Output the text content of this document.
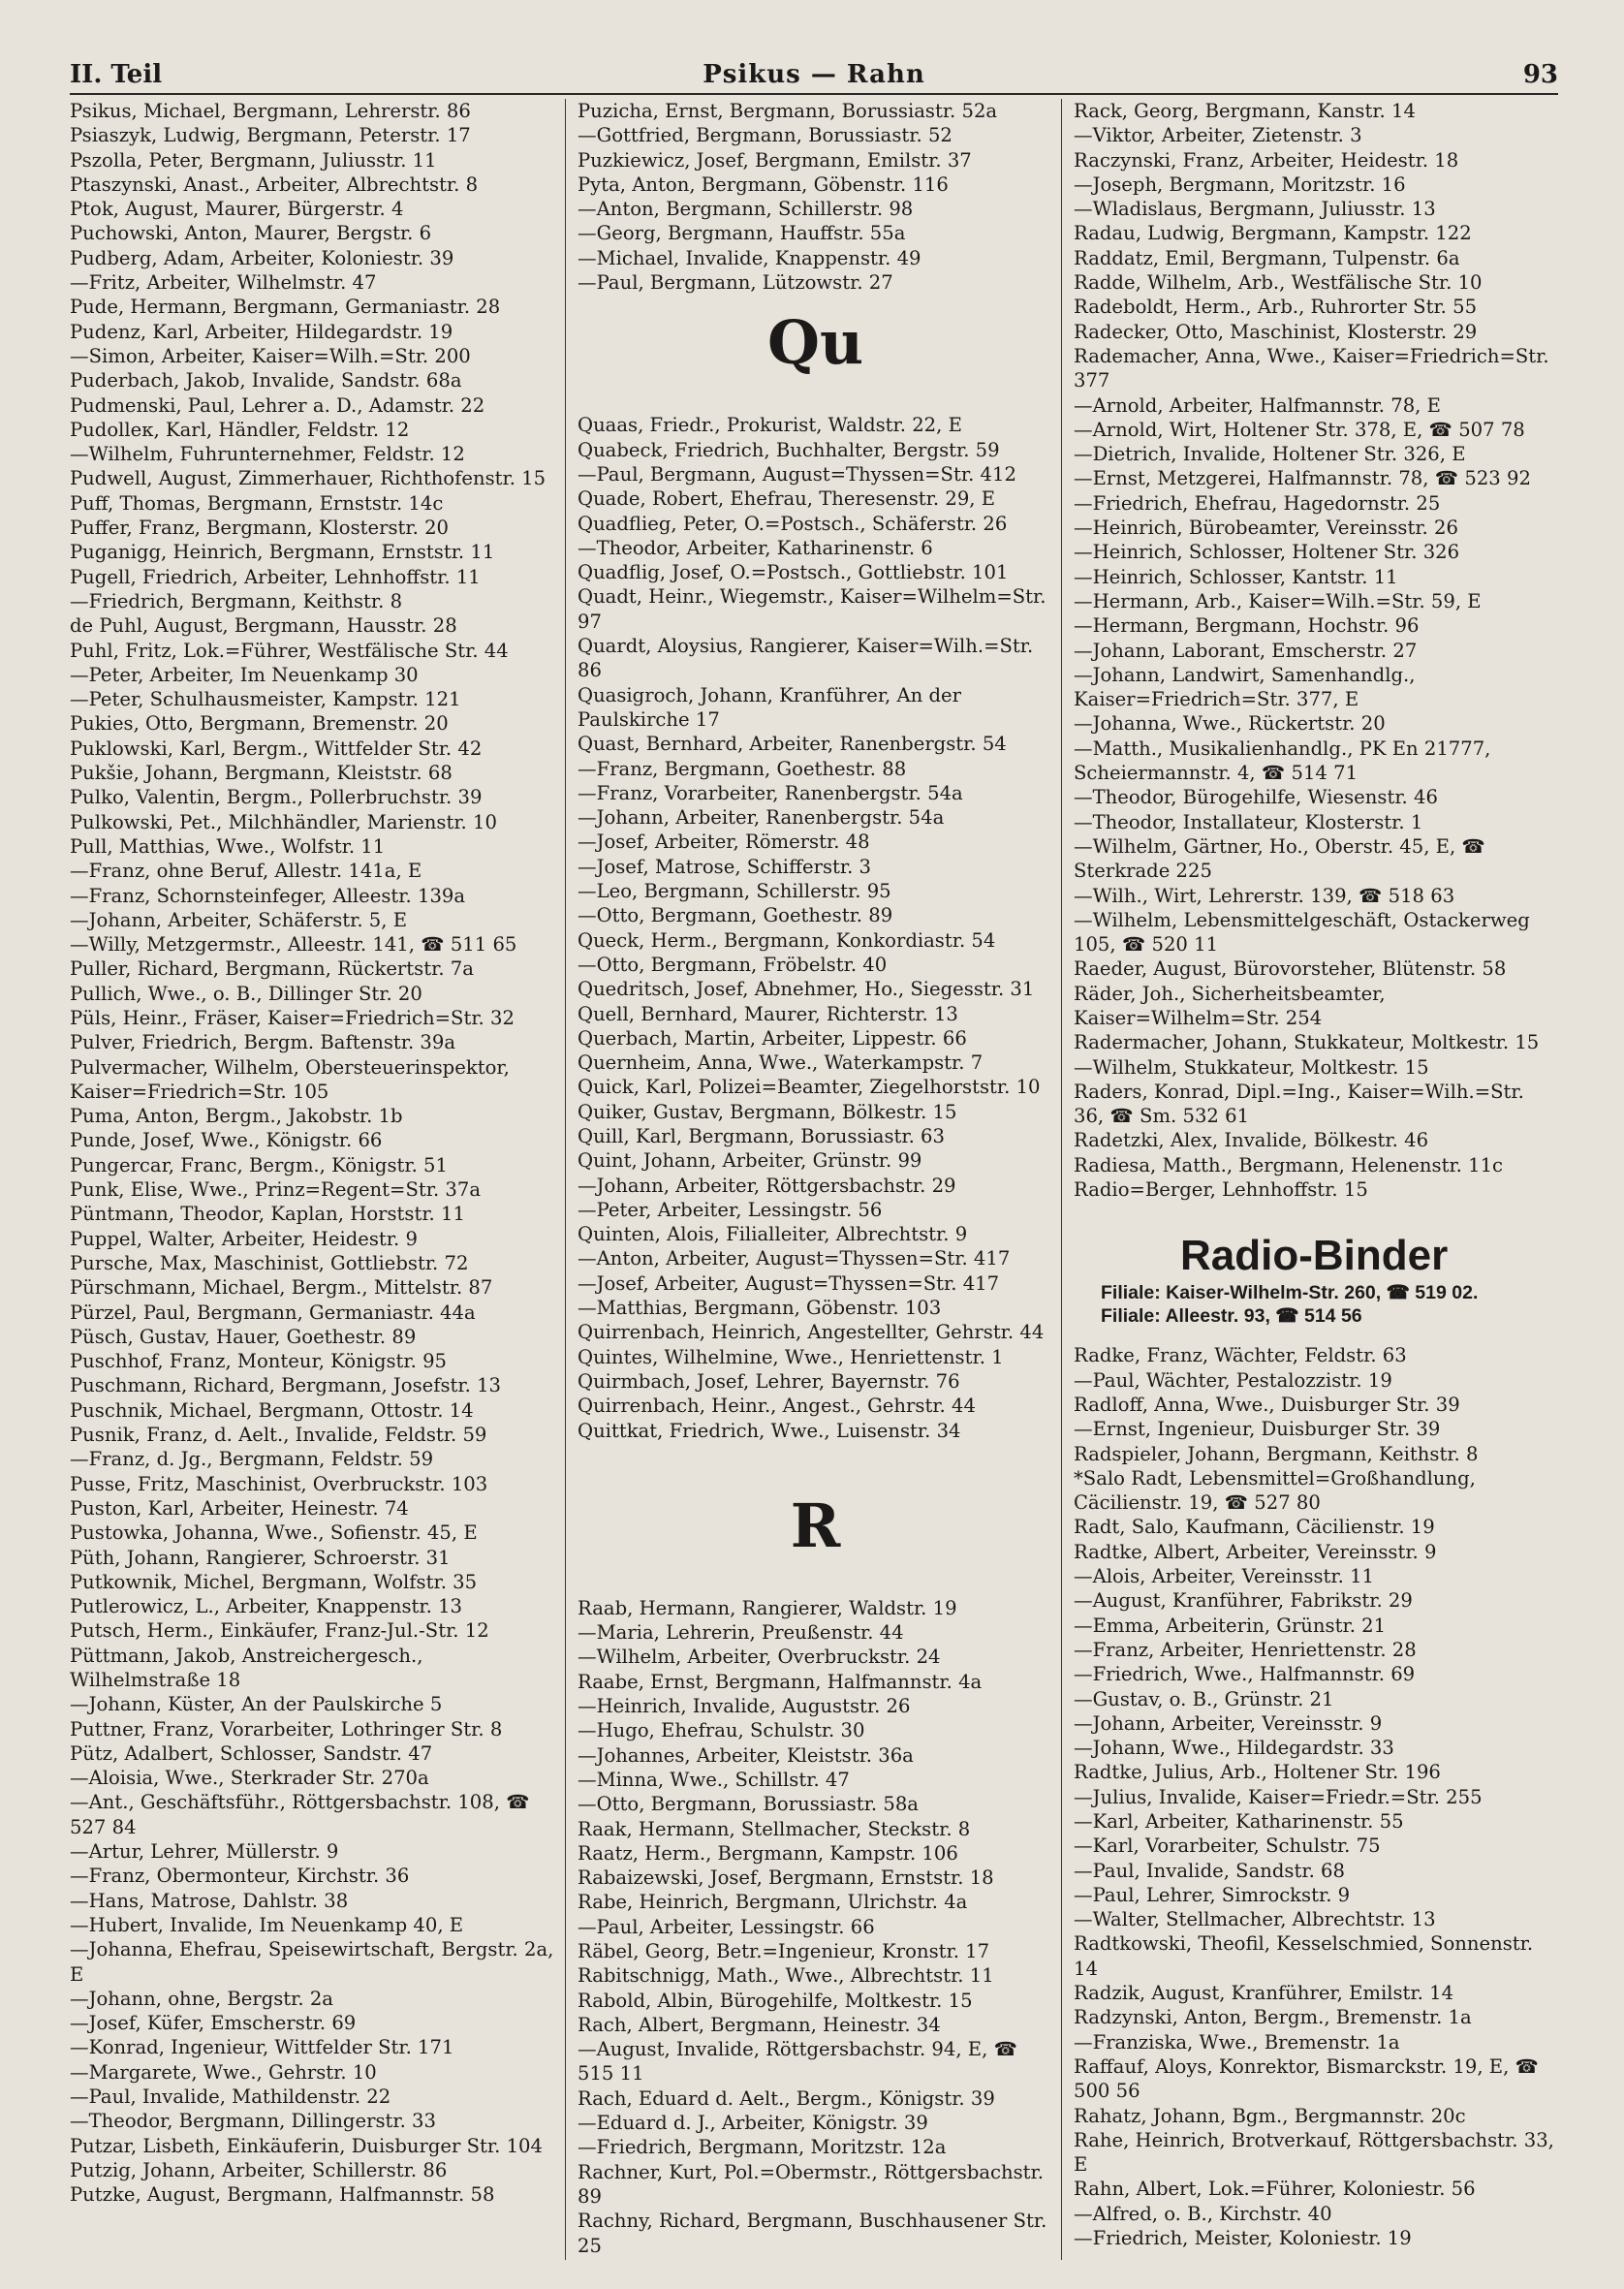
II. Teil	Psikus — Rahn	93

Psikus, Michael, Bergmann, Lehrerstr. 86

Psiaszyk, Ludwig, Bergmann, Peterstr. 17

Pszolla, Peter, Bergmann, Juliusstr. 11

Ptaszynski, Anast., Arbeiter, Albrechtstr. 8

Ptok, August, Maurer, Bürgerstr. 4

Puchowski, Anton, Maurer, Bergstr. 6

Pudberg, Adam, Arbeiter, Koloniestr. 39

—Fritz, Arbeiter, Wilhelmstr. 47

Pude, Hermann, Bergmann, Germaniastr. 28

Pudenz, Karl, Arbeiter, Hildegardstr. 19

—Simon, Arbeiter, Kaiser=Wilh.=Str. 200

Puderbach, Jakob, Invalide, Sandstr. 68a

Pudmenski, Paul, Lehrer a. D., Adamstr. 22

Pudolleк, Karl, Händler, Feldstr. 12

—Wilhelm, Fuhrunternehmer, Feldstr. 12

Pudwell, August, Zimmerhauer, Richthofenstr. 15

Puff, Thomas, Bergmann, Ernststr. 14c

Puffer, Franz, Bergmann, Klosterstr. 20

Puganigg, Heinrich, Bergmann, Ernststr. 11

Pugell, Friedrich, Arbeiter, Lehnhoffstr. 11

—Friedrich, Bergmann, Keithstr. 8

de Puhl, August, Bergmann, Hausstr. 28

Puhl, Fritz, Lok.=Führer, Westfälische Str. 44

—Peter, Arbeiter, Im Neuenkamp 30

—Peter, Schulhausmeister, Kampstr. 121

Pukies, Otto, Bergmann, Bremenstr. 20

Puklowski, Karl, Bergm., Wittfelder Str. 42

Pukšie, Johann, Bergmann, Kleiststr. 68

Pulko, Valentin, Bergm., Pollerbruchstr. 39

Pulkowski, Pet., Milchhändler, Marienstr. 10

Pull, Matthias, Wwe., Wolfstr. 11

—Franz, ohne Beruf, Allestr. 141a, E

—Franz, Schornsteinfeger, Alleestr. 139a

—Johann, Arbeiter, Schäferstr. 5, E

—Willy, Metzgermstr., Alleestr. 141, ☎ 511 65

Puller, Richard, Bergmann, Rückertstr. 7a

Pullich, Wwe., o. B., Dillinger Str. 20

Püls, Heinr., Fräser, Kaiser=Friedrich=Str. 32

Pulver, Friedrich, Bergm. Baftenstr. 39a

Pulvermacher, Wilhelm, Obersteuerinspektor, Kaiser=Friedrich=Str. 105

Puma, Anton, Bergm., Jakobstr. 1b

Punde, Josef, Wwe., Königstr. 66

Pungercar, Franc, Bergm., Königstr. 51

Punk, Elise, Wwe., Prinz=Regent=Str. 37a

Püntmann, Theodor, Kaplan, Horststr. 11

Puppel, Walter, Arbeiter, Heidestr. 9

Pursche, Max, Maschinist, Gottliebstr. 72

Pürschmann, Michael, Bergm., Mittelstr. 87

Pürzel, Paul, Bergmann, Germaniastr. 44a

Püsch, Gustav, Hauer, Goethestr. 89

Puschhof, Franz, Monteur, Königstr. 95

Puschmann, Richard, Bergmann, Josefstr. 13

Puschnik, Michael, Bergmann, Ottostr. 14

Pusnik, Franz, d. Aelt., Invalide, Feldstr. 59

—Franz, d. Jg., Bergmann, Feldstr. 59

Pusse, Fritz, Maschinist, Overbruckstr. 103

Puston, Karl, Arbeiter, Heinestr. 74

Pustowka, Johanna, Wwe., Sofienstr. 45, E

Püth, Johann, Rangierer, Schroerstr. 31

Putkownik, Michel, Bergmann, Wolfstr. 35

Putlerowicz, L., Arbeiter, Knappenstr. 13

Putsch, Herm., Einkäufer, Franz-Jul.-Str. 12

Püttmann, Jakob, Anstreichergesch., Wilhelmstraße 18

—Johann, Küster, An der Paulskirche 5

Puttner, Franz, Vorarbeiter, Lothringer Str. 8

Pütz, Adalbert, Schlosser, Sandstr. 47

—Aloisia, Wwe., Sterkrader Str. 270a

—Ant., Geschäftsführ., Röttgersbachstr. 108, ☎ 527 84

—Artur, Lehrer, Müllerstr. 9

—Franz, Obermonteur, Kirchstr. 36

—Hans, Matrose, Dahlstr. 38

—Hubert, Invalide, Im Neuenkamp 40, E

—Johanna, Ehefrau, Speisewirtschaft, Bergstr. 2a, E

—Johann, ohne, Bergstr. 2a

—Josef, Küfer, Emscherstr. 69

—Konrad, Ingenieur, Wittfelder Str. 171

—Margarete, Wwe., Gehrstr. 10

—Paul, Invalide, Mathildenstr. 22

—Theodor, Bergmann, Dillingerstr. 33

Putzar, Lisbeth, Einkäuferin, Duisburger Str. 104

Putzig, Johann, Arbeiter, Schillerstr. 86

Putzke, August, Bergmann, Halfmannstr. 58

Puzicha, Ernst, Bergmann, Borussiastr. 52a

—Gottfried, Bergmann, Borussiastr. 52

Puzkiewicz, Josef, Bergmann, Emilstr. 37

Pyta, Anton, Bergmann, Göbenstr. 116

—Anton, Bergmann, Schillerstr. 98

—Georg, Bergmann, Hauffstr. 55a

—Michael, Invalide, Knappenstr. 49

—Paul, Bergmann, Lützowstr. 27

Qu

Quaas, Friedr., Prokurist, Waldstr. 22, E

Quabeck, Friedrich, Buchhalter, Bergstr. 59

—Paul, Bergmann, August=Thyssen=Str. 412

Quade, Robert, Ehefrau, Theresenstr. 29, E

Quadflieg, Peter, O.=Postsch., Schäferstr. 26

—Theodor, Arbeiter, Katharinenstr. 6

Quadflig, Josef, O.=Postsch., Gottliebstr. 101

Quadt, Heinr., Wiegemstr., Kaiser=Wilhelm=Str. 97

Quardt, Aloysius, Rangierer, Kaiser=Wilh.=Str. 86

Quasigroch, Johann, Kranführer, An der Paulskirche 17

Quast, Bernhard, Arbeiter, Ranenbergstr. 54

—Franz, Bergmann, Goethestr. 88

—Franz, Vorarbeiter, Ranenbergstr. 54a

—Johann, Arbeiter, Ranenbergstr. 54a

—Josef, Arbeiter, Römerstr. 48

—Josef, Matrose, Schifferstr. 3

—Leo, Bergmann, Schillerstr. 95

—Otto, Bergmann, Goethestr. 89

Queck, Herm., Bergmann, Konkordiastr. 54

—Otto, Bergmann, Fröbelstr. 40

Quedritsch, Josef, Abnehmer, Ho., Siegesstr. 31

Quell, Bernhard, Maurer, Richterstr. 13

Querbach, Martin, Arbeiter, Lippestr. 66

Quernheim, Anna, Wwe., Waterkampstr. 7

Quick, Karl, Polizei=Beamter, Ziegelhorststr. 10

Quiker, Gustav, Bergmann, Bölkestr. 15

Quill, Karl, Bergmann, Borussiastr. 63

Quint, Johann, Arbeiter, Grünstr. 99

—Johann, Arbeiter, Röttgersbachstr. 29

—Peter, Arbeiter, Lessingstr. 56

Quinten, Alois, Filialleiter, Albrechtstr. 9

—Anton, Arbeiter, August=Thyssen=Str. 417

—Josef, Arbeiter, August=Thyssen=Str. 417

—Matthias, Bergmann, Göbenstr. 103

Quirrenbach, Heinrich, Angestellter, Gehrstr. 44

Quintes, Wilhelmine, Wwe., Henriettenstr. 1

Quirmbach, Josef, Lehrer, Bayernstr. 76

Quirrenbach, Heinr., Angest., Gehrstr. 44

Quittkat, Friedrich, Wwe., Luisenstr. 34

R

Raab, Hermann, Rangierer, Waldstr. 19

—Maria, Lehrerin, Preußenstr. 44

—Wilhelm, Arbeiter, Overbruckstr. 24

Raabe, Ernst, Bergmann, Halfmannstr. 4a

—Heinrich, Invalide, Auguststr. 26

—Hugo, Ehefrau, Schulstr. 30

—Johannes, Arbeiter, Kleiststr. 36a

—Minna, Wwe., Schillstr. 47

—Otto, Bergmann, Borussiastr. 58a

Raak, Hermann, Stellmacher, Steckstr. 8

Raatz, Herm., Bergmann, Kampstr. 106

Rabaizewski, Josef, Bergmann, Ernststr. 18

Rabe, Heinrich, Bergmann, Ulrichstr. 4a

—Paul, Arbeiter, Lessingstr. 66

Räbel, Georg, Betr.=Ingenieur, Kronstr. 17

Rabitschnigg, Math., Wwe., Albrechtstr. 11

Rabold, Albin, Bürogehilfe, Moltkestr. 15

Rach, Albert, Bergmann, Heinestr. 34

—August, Invalide, Röttgersbachstr. 94, E, ☎ 515 11

Rach, Eduard d. Aelt., Bergm., Königstr. 39

—Eduard d. J., Arbeiter, Königstr. 39

—Friedrich, Bergmann, Moritzstr. 12a

Rachner, Kurt, Pol.=Obermstr., Röttgersbachstr. 89

Rachny, Richard, Bergmann, Buschhausener Str. 25

Rack, Georg, Bergmann, Kanstr. 14

—Viktor, Arbeiter, Zietenstr. 3

Raczynski, Franz, Arbeiter, Heidestr. 18

—Joseph, Bergmann, Moritzstr. 16

—Wladislaus, Bergmann, Juliusstr. 13

Radau, Ludwig, Bergmann, Kampstr. 122

Raddatz, Emil, Bergmann, Tulpenstr. 6a

Radde, Wilhelm, Arb., Westfälische Str. 10

Radeboldt, Herm., Arb., Ruhrorter Str. 55

Radecker, Otto, Maschinist, Klosterstr. 29

Rademacher, Anna, Wwe., Kaiser=Friedrich=Str. 377

—Arnold, Arbeiter, Halfmannstr. 78, E

—Arnold, Wirt, Holtener Str. 378, E, ☎ 507 78

—Dietrich, Invalide, Holtener Str. 326, E

—Ernst, Metzgerei, Halfmannstr. 78, ☎ 523 92

—Friedrich, Ehefrau, Hagedornstr. 25

—Heinrich, Bürobeamter, Vereinsstr. 26

—Heinrich, Schlosser, Holtener Str. 326

—Heinrich, Schlosser, Kantstr. 11

—Hermann, Arb., Kaiser=Wilh.=Str. 59, E

—Hermann, Bergmann, Hochstr. 96

—Johann, Laborant, Emscherstr. 27

—Johann, Landwirt, Samenhandlg., Kaiser=Friedrich=Str. 377, E

—Johanna, Wwe., Rückertstr. 20

—Matth., Musikalienhandlg., PK En 21777, Scheiermannstr. 4, ☎ 514 71

—Theodor, Bürogehilfe, Wiesenstr. 46

—Theodor, Installateur, Klosterstr. 1

—Wilhelm, Gärtner, Ho., Oberstr. 45, E, ☎ Sterkrade 225

—Wilh., Wirt, Lehrerstr. 139, ☎ 518 63

—Wilhelm, Lebensmittelgeschäft, Ostackerweg 105, ☎ 520 11

Raeder, August, Bürovorsteher, Blütenstr. 58

Räder, Joh., Sicherheitsbeamter, Kaiser=Wilhelm=Str. 254

Radermacher, Johann, Stukkateur, Moltkestr. 15

—Wilhelm, Stukkateur, Moltkestr. 15

Raders, Konrad, Dipl.=Ing., Kaiser=Wilh.=Str. 36, ☎ Sm. 532 61

Radetzki, Alex, Invalide, Bölkestr. 46

Radiesa, Matth., Bergmann, Helenenstr. 11c

Radio=Berger, Lehnhoffstr. 15

Radio-Binder
Filiale: Kaiser-Wilhelm-Str. 260, ☎ 519 02.
Filiale: Alleestr. 93, ☎ 514 56

Radke, Franz, Wächter, Feldstr. 63

—Paul, Wächter, Pestalozzistr. 19

Radloff, Anna, Wwe., Duisburger Str. 39

—Ernst, Ingenieur, Duisburger Str. 39

Radspieler, Johann, Bergmann, Keithstr. 8

*Salo Radt, Lebensmittel=Großhandlung, Cäcilienstr. 19, ☎ 527 80

Radt, Salo, Kaufmann, Cäcilienstr. 19

Radtke, Albert, Arbeiter, Vereinsstr. 9

—Alois, Arbeiter, Vereinsstr. 11

—August, Kranführer, Fabrikstr. 29

—Emma, Arbeiterin, Grünstr. 21

—Franz, Arbeiter, Henriettenstr. 28

—Friedrich, Wwe., Halfmannstr. 69

—Gustav, o. B., Grünstr. 21

—Johann, Arbeiter, Vereinsstr. 9

—Johann, Wwe., Hildegardstr. 33

Radtke, Julius, Arb., Holtener Str. 196

—Julius, Invalide, Kaiser=Friedr.=Str. 255

—Karl, Arbeiter, Katharinenstr. 55

—Karl, Vorarbeiter, Schulstr. 75

—Paul, Invalide, Sandstr. 68

—Paul, Lehrer, Simrockstr. 9

—Walter, Stellmacher, Albrechtstr. 13

Radtkowski, Theofil, Kesselschmied, Sonnenstr. 14

Radzik, August, Kranführer, Emilstr. 14

Radzynski, Anton, Bergm., Bremenstr. 1a

—Franziska, Wwe., Bremenstr. 1a

Raffauf, Aloys, Konrektor, Bismarckstr. 19, E, ☎ 500 56

Rahatz, Johann, Bgm., Bergmannstr. 20c

Rahe, Heinrich, Brotverkauf, Röttgersbachstr. 33, E

Rahn, Albert, Lok.=Führer, Koloniestr. 56

—Alfred, o. B., Kirchstr. 40

—Friedrich, Meister, Koloniestr. 19
